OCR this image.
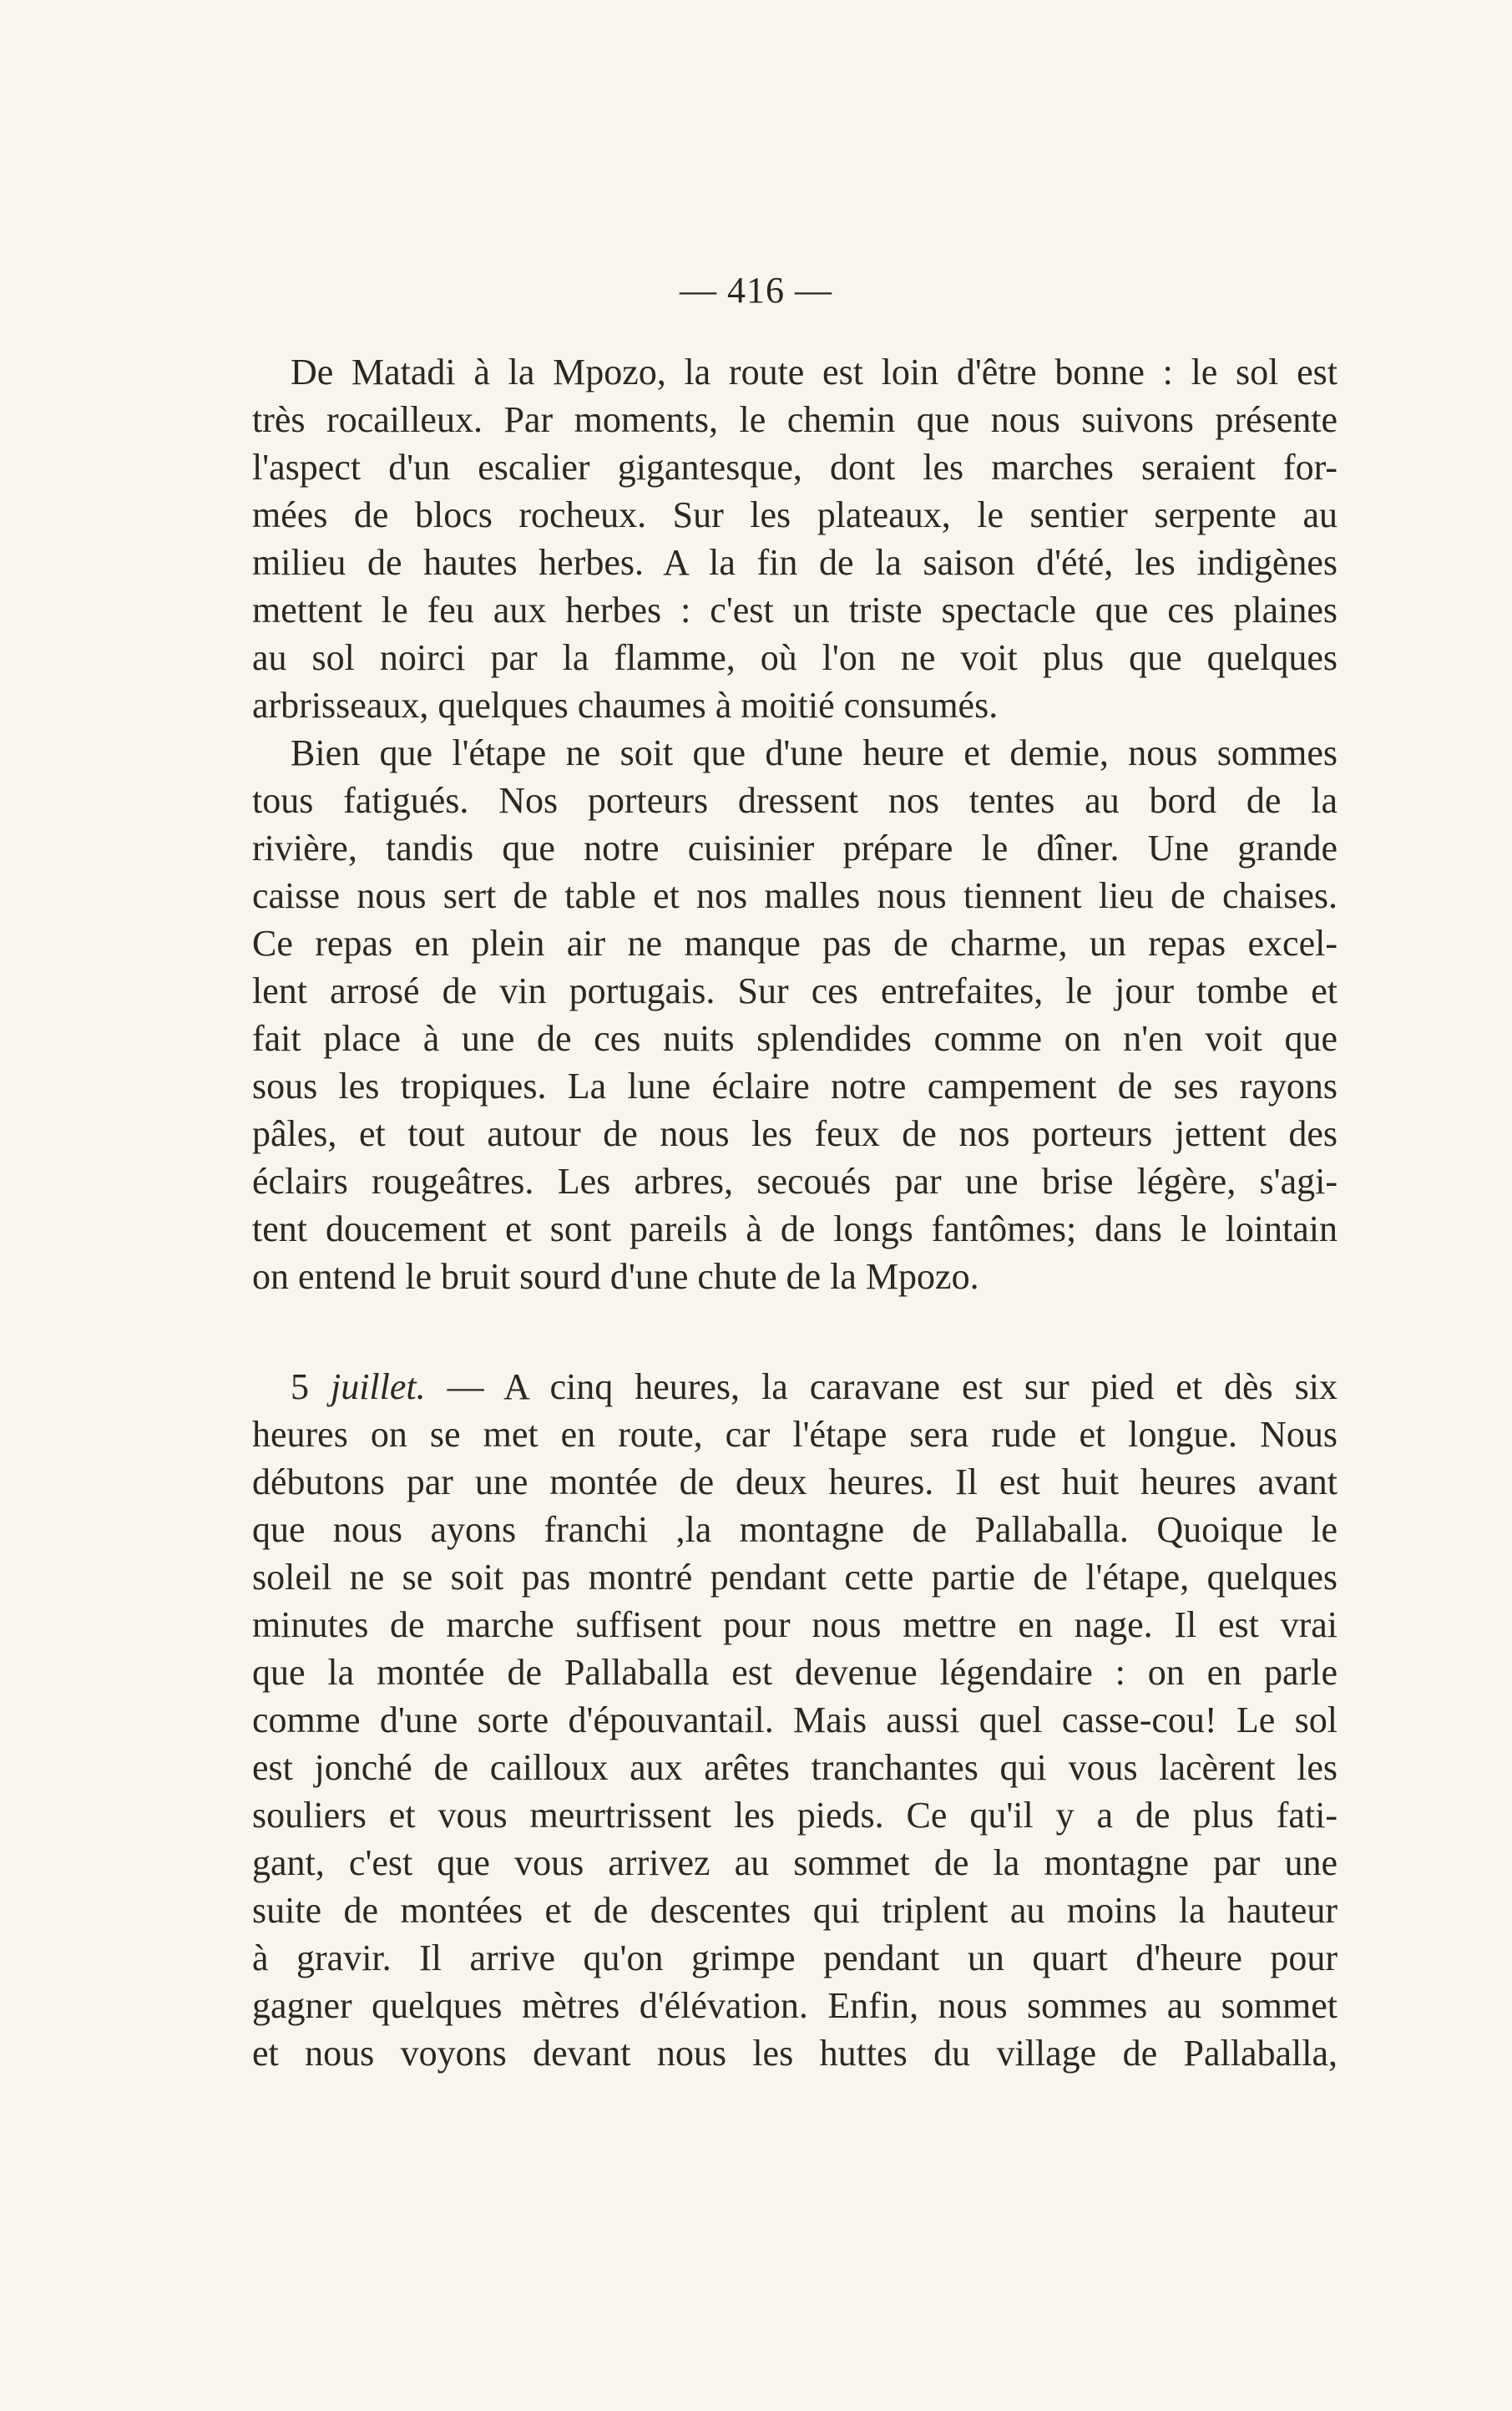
— 416 —
De Matadi à la Mpozo, la route est loin d'être bonne : le sol est
très rocailleux. Par moments, le chemin que nous suivons présente
l'aspect d'un escalier gigantesque, dont les marches seraient for-
mées de blocs rocheux. Sur les plateaux, le sentier serpente au
milieu de hautes herbes. A la fin de la saison d'été, les indigènes
mettent le feu aux herbes : c'est un triste spectacle que ces plaines
au sol noirci par la flamme, où l'on ne voit plus que quelques
arbrisseaux, quelques chaumes à moitié consumés.
Bien que l'étape ne soit que d'une heure et demie, nous sommes
tous fatigués. Nos porteurs dressent nos tentes au bord de la
rivière, tandis que notre cuisinier prépare le dîner. Une grande
caisse nous sert de table et nos malles nous tiennent lieu de chaises.
Ce repas en plein air ne manque pas de charme, un repas excel-
lent arrosé de vin portugais. Sur ces entrefaites, le jour tombe et
fait place à une de ces nuits splendides comme on n'en voit que
sous les tropiques. La lune éclaire notre campement de ses rayons
pâles, et tout autour de nous les feux de nos porteurs jettent des
éclairs rougeâtres. Les arbres, secoués par une brise légère, s'agi-
tent doucement et sont pareils à de longs fantômes; dans le lointain
on entend le bruit sourd d'une chute de la Mpozo.
5 juillet. — A cinq heures, la caravane est sur pied et dès six
heures on se met en route, car l'étape sera rude et longue. Nous
débutons par une montée de deux heures. Il est huit heures avant
que nous ayons franchi ,la montagne de Pallaballa. Quoique le
soleil ne se soit pas montré pendant cette partie de l'étape, quelques
minutes de marche suffisent pour nous mettre en nage. Il est vrai
que la montée de Pallaballa est devenue légendaire : on en parle
comme d'une sorte d'épouvantail. Mais aussi quel casse-cou! Le sol
est jonché de cailloux aux arêtes tranchantes qui vous lacèrent les
souliers et vous meurtrissent les pieds. Ce qu'il y a de plus fati-
gant, c'est que vous arrivez au sommet de la montagne par une
suite de montées et de descentes qui triplent au moins la hauteur
à gravir. Il arrive qu'on grimpe pendant un quart d'heure pour
gagner quelques mètres d'élévation. Enfin, nous sommes au sommet
et nous voyons devant nous les huttes du village de Pallaballa,
